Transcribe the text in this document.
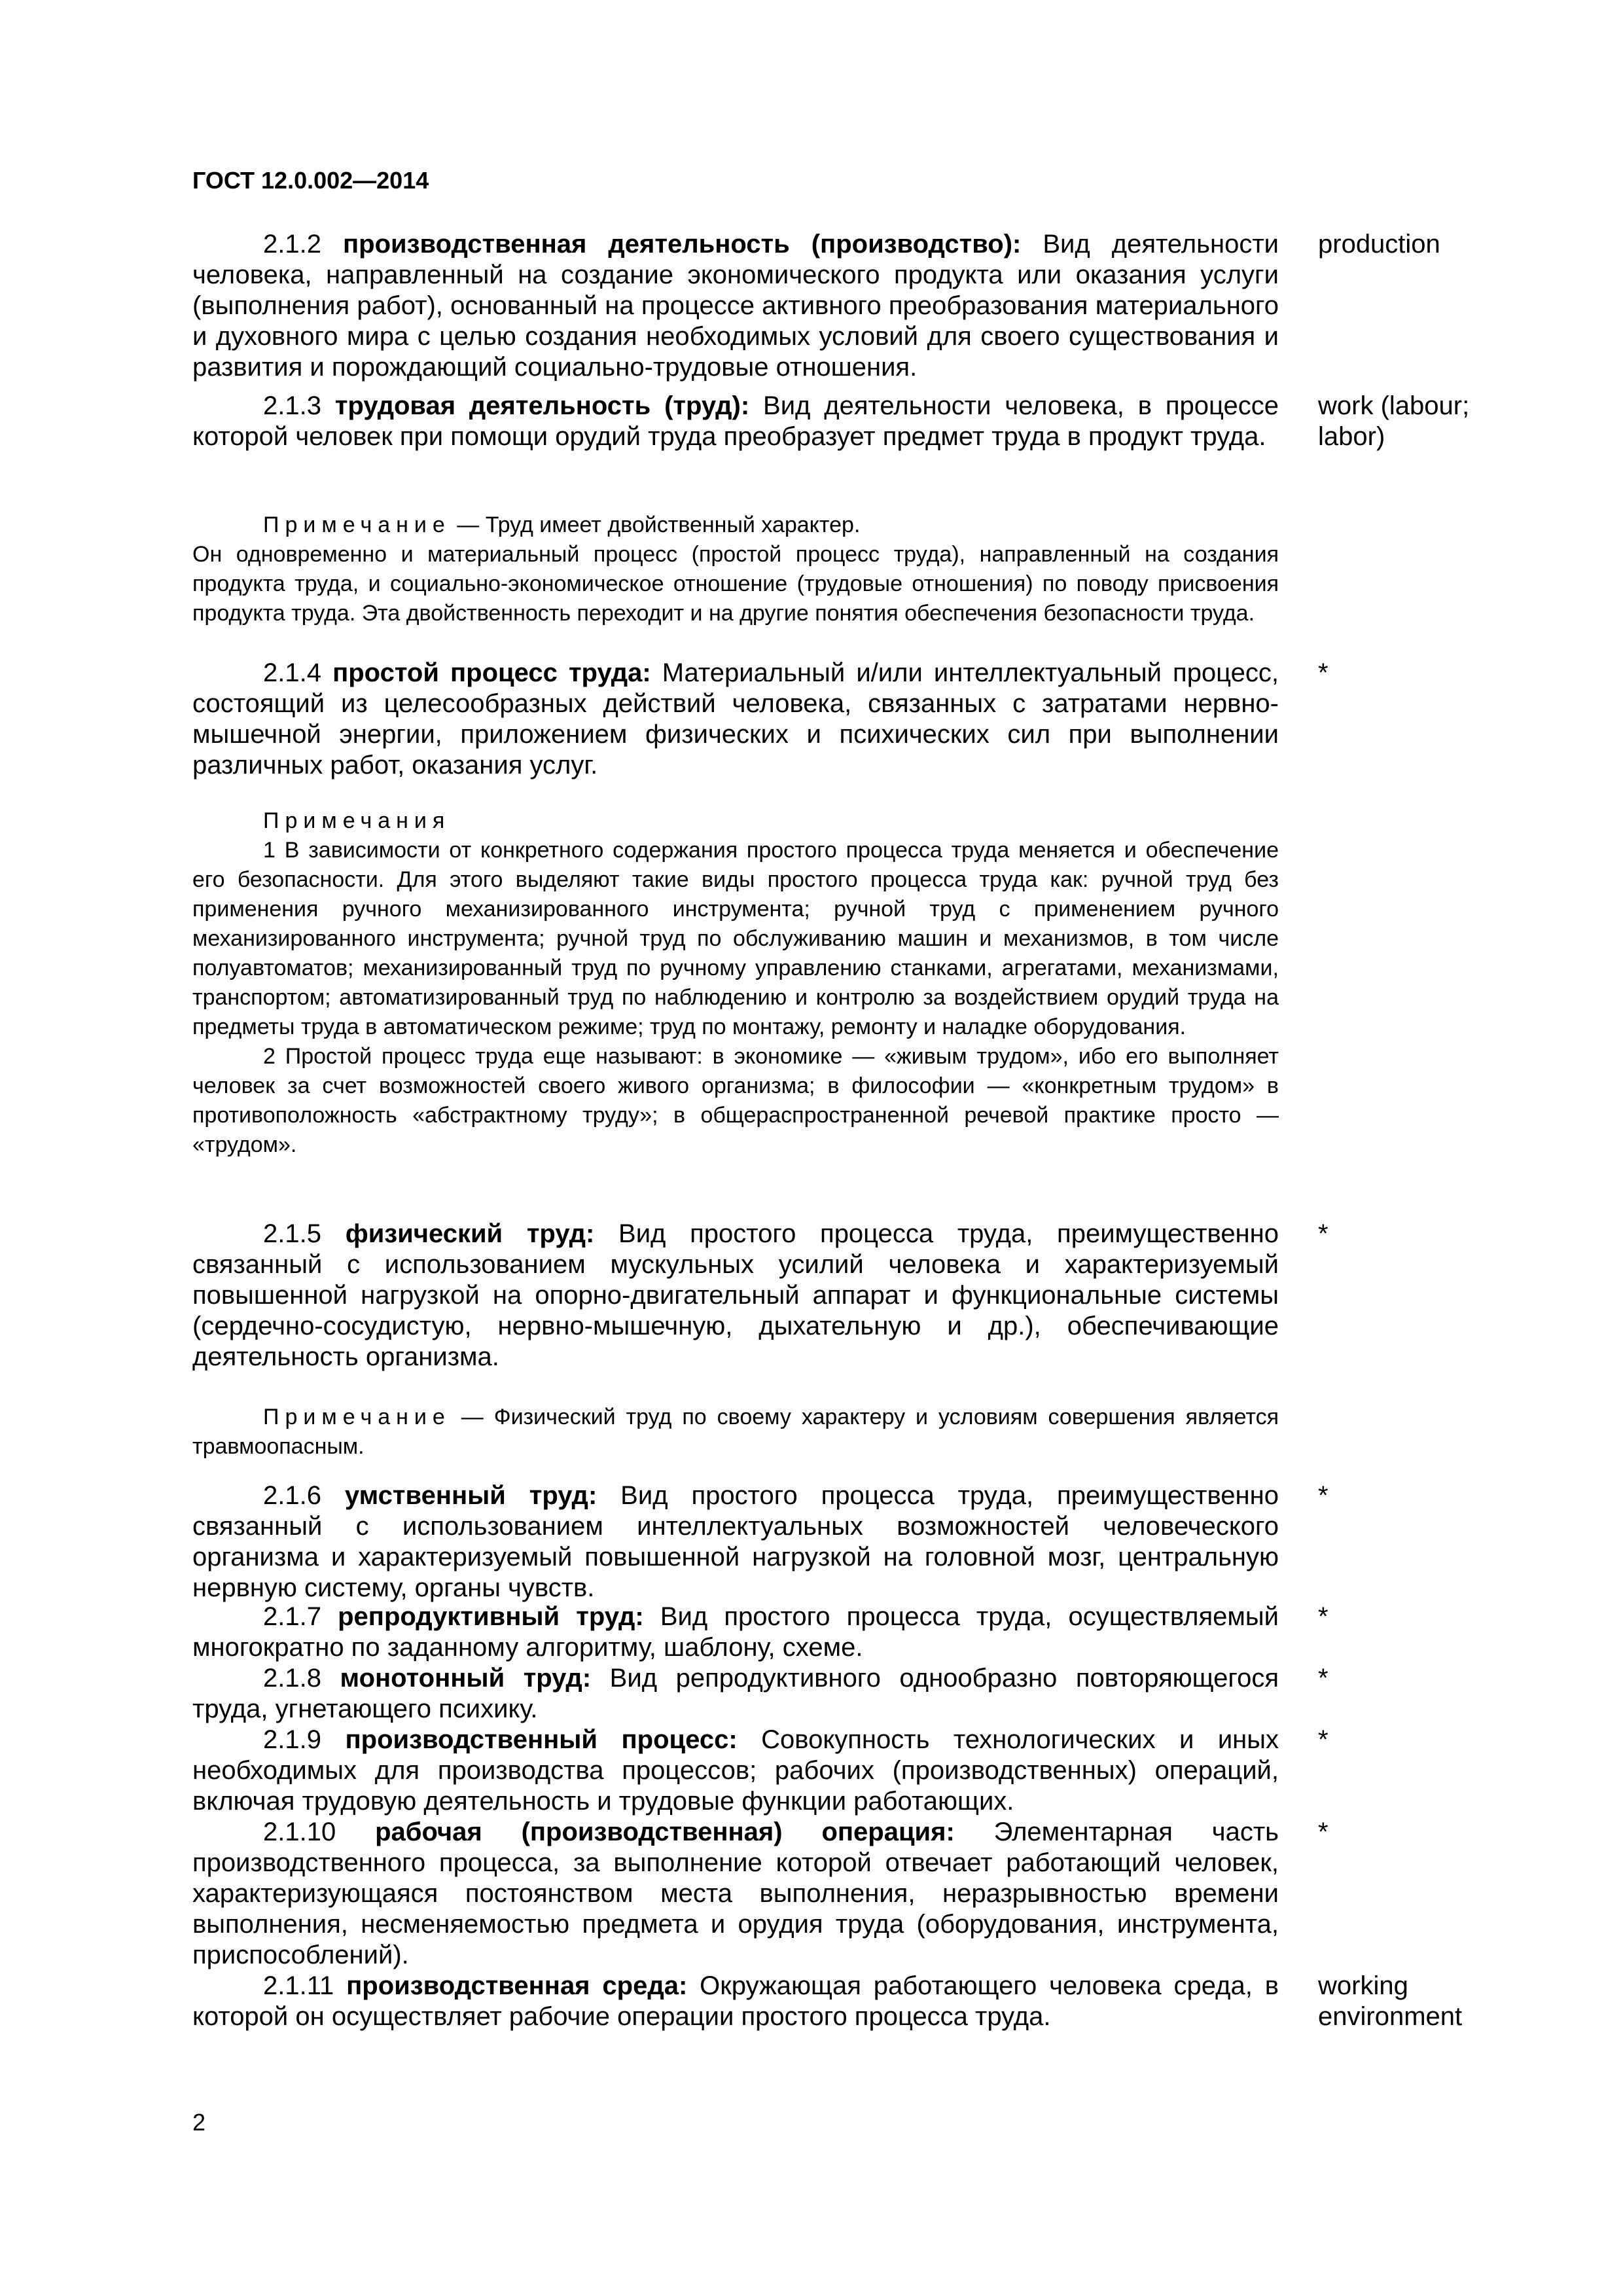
ГОСТ 12.0.002—2014
2.1.2 производственная деятельность (производство): Вид деятельности человека, направленный на создание экономического продукта или оказания услуги (выполнения работ), основанный на процессе активного преобразования материального и духовного мира с целью создания необходимых условий для своего существования и развития и порождающий социально-трудовые отношения.
production
2.1.3 трудовая деятельность (труд): Вид деятельности человека, в процессе которой человек при помощи орудий труда преобразует предмет труда в продукт труда.
work (labour; labor)
Примечание — Труд имеет двойственный характер.
Он одновременно и материальный процесс (простой процесс труда), направленный на создания продукта труда, и социально-экономическое отношение (трудовые отношения) по поводу присвоения продукта труда. Эта двойственность переходит и на другие понятия обеспечения безопасности труда.
2.1.4 простой процесс труда: Материальный и/или интеллектуальный процесс, состоящий из целесообразных действий человека, связанных с затратами нервно-мышечной энергии, приложением физических и психических сил при выполнении различных работ, оказания услуг.
*
Примечания
1 В зависимости от конкретного содержания простого процесса труда меняется и обеспечение его безопасности. Для этого выделяют такие виды простого процесса труда как: ручной труд без применения ручного механизированного инструмента; ручной труд с применением ручного механизированного инструмента; ручной труд по обслуживанию машин и механизмов, в том числе полуавтоматов; механизированный труд по ручному управлению станками, агрегатами, механизмами, транспортом; автоматизированный труд по наблюдению и контролю за воздействием орудий труда на предметы труда в автоматическом режиме; труд по монтажу, ремонту и наладке оборудования.
2 Простой процесс труда еще называют: в экономике — «живым трудом», ибо его выполняет человек за счет возможностей своего живого организма; в философии — «конкретным трудом» в противоположность «абстрактному труду»; в общераспространенной речевой практике просто — «трудом».
2.1.5 физический труд: Вид простого процесса труда, преимущественно связанный с использованием мускульных усилий человека и характеризуемый повышенной нагрузкой на опорно-двигательный аппарат и функциональные системы (сердечно-сосудистую, нервно-мышечную, дыхательную и др.), обеспечивающие деятельность организма.
*
Примечание — Физический труд по своему характеру и условиям совершения является травмоопасным.
2.1.6 умственный труд: Вид простого процесса труда, преимущественно связанный с использованием интеллектуальных возможностей человеческого организма и характеризуемый повышенной нагрузкой на головной мозг, центральную нервную систему, органы чувств.
*
2.1.7 репродуктивный труд: Вид простого процесса труда, осуществляемый многократно по заданному алгоритму, шаблону, схеме.
*
2.1.8 монотонный труд: Вид репродуктивного однообразно повторяющегося труда, угнетающего психику.
*
2.1.9 производственный процесс: Совокупность технологических и иных необходимых для производства процессов; рабочих (производственных) операций, включая трудовую деятельность и трудовые функции работающих.
*
2.1.10 рабочая (производственная) операция: Элементарная часть производственного процесса, за выполнение которой отвечает работающий человек, характеризующаяся постоянством места выполнения, неразрывностью времени выполнения, несменяемостью предмета и орудия труда (оборудования, инструмента, приспособлений).
*
2.1.11 производственная среда: Окружающая работающего человека среда, в которой он осуществляет рабочие операции простого процесса труда.
working environment
2
